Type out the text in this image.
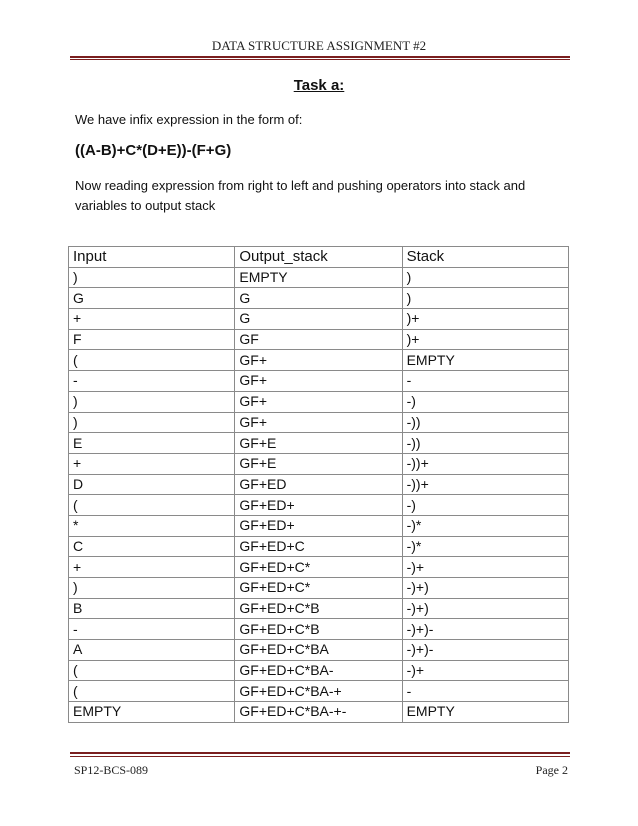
DATA STRUCTURE ASSIGNMENT #2
Task a:
We have infix expression in the form of:
((A-B)+C*(D+E))-(F+G)
Now reading expression from right to left and pushing operators into stack and variables to output stack
Input	Output_stack	Stack
)	EMPTY	)
G	G	)
+	G	)+
F	GF	)+
(	GF+	EMPTY
-	GF+	-
)	GF+	-)
)	GF+	-))
E	GF+E	-))
+	GF+E	-))+
D	GF+ED	-))+
(	GF+ED+	-)
*	GF+ED+	-)*
C	GF+ED+C	-)*
+	GF+ED+C*	-)+
)	GF+ED+C*	-)+)
B	GF+ED+C*B	-)+)
-	GF+ED+C*B	-)+)-
A	GF+ED+C*BA	-)+)-
(	GF+ED+C*BA-	-)+
(	GF+ED+C*BA-+	-
EMPTY	GF+ED+C*BA-+-	EMPTY
SP12-BCS-089	Page 2
